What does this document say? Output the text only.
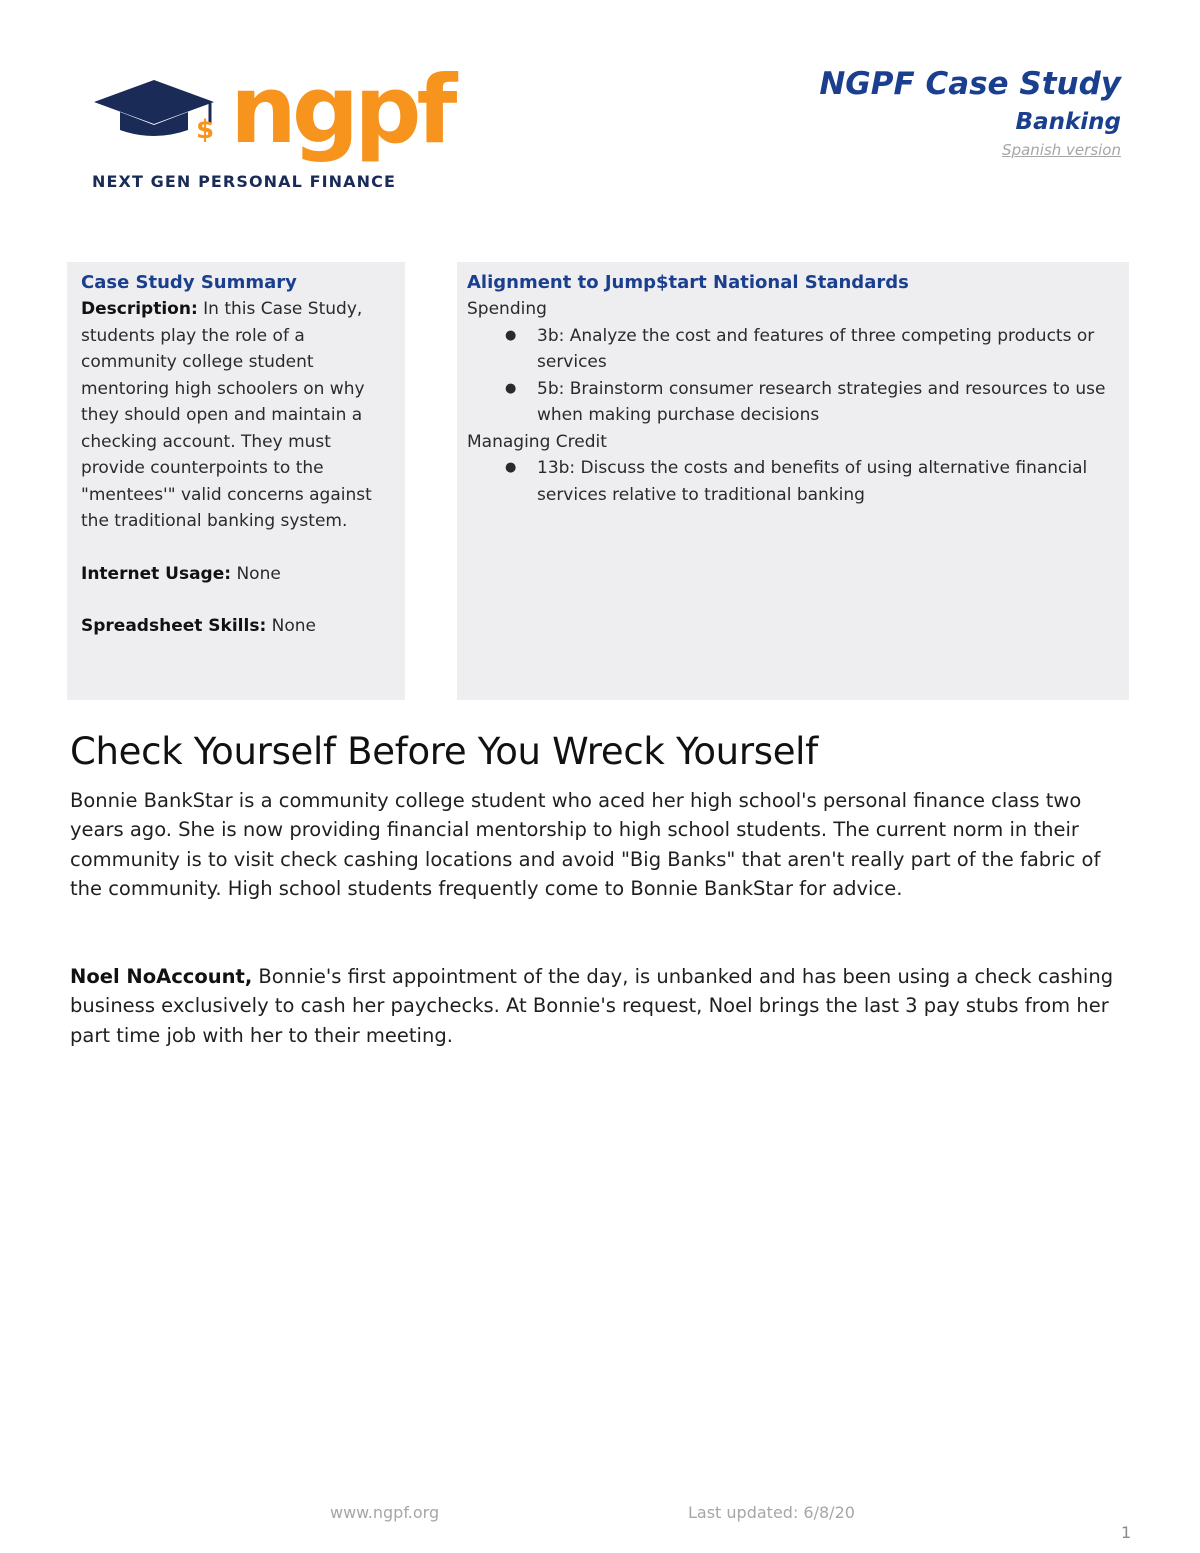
$ ngpf

NEXT GEN PERSONAL FINANCE

NGPF Case Study

Banking

Spanish version

Case Study Summary

Description: In this Case Study, students play the role of a community college student mentoring high schoolers on why they should open and maintain a checking account. They must provide counterpoints to the "mentees'" valid concerns against the traditional banking system.

Internet Usage: None

Spreadsheet Skills: None

Alignment to Jump$tart National Standards

Spending

● 3b: Analyze the cost and features of three competing products or services
● 5b: Brainstorm consumer research strategies and resources to use when making purchase decisions

Managing Credit

● 13b: Discuss the costs and benefits of using alternative financial services relative to traditional banking
Check Yourself Before You Wreck Yourself

Bonnie BankStar is a community college student who aced her high school's personal finance class two years ago. She is now providing financial mentorship to high school students. The current norm in their community is to visit check cashing locations and avoid "Big Banks" that aren't really part of the fabric of the community. High school students frequently come to Bonnie BankStar for advice.

Noel NoAccount, Bonnie's first appointment of the day, is unbanked and has been using a check cashing business exclusively to cash her paychecks. At Bonnie's request, Noel brings the last 3 pay stubs from her part time job with her to their meeting.

www.ngpf.org	Last updated: 6/8/20
1
